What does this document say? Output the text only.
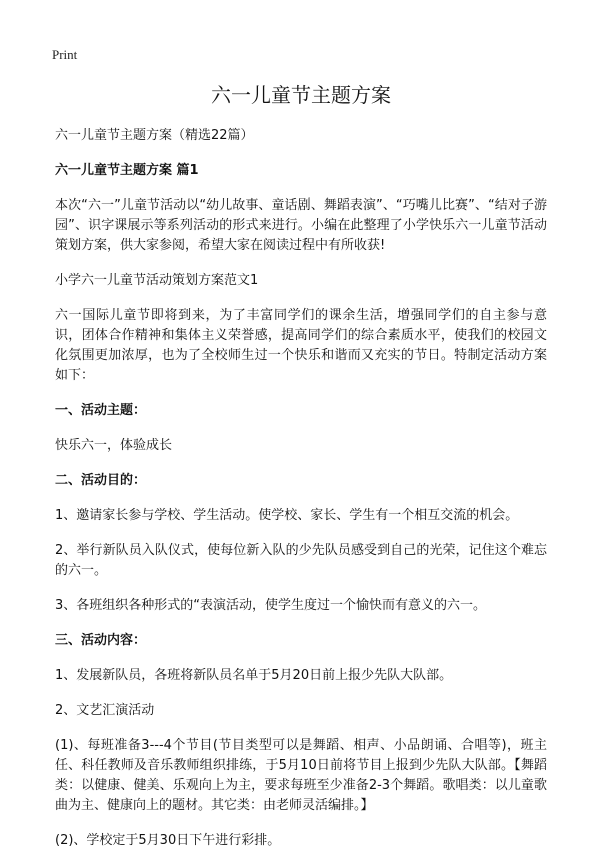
Print
六一儿童节主题方案

六一儿童节主题方案（精选22篇）

六一儿童节主题方案 篇1

本次“六一”儿童节活动以“幼儿故事、童话剧、舞蹈表演”、“巧嘴儿比赛”、“结对子游园”、识字课展示等系列活动的形式来进行。小编在此整理了小学快乐六一儿童节活动策划方案，供大家参阅，希望大家在阅读过程中有所收获!

小学六一儿童节活动策划方案范文1

六一国际儿童节即将到来，为了丰富同学们的课余生活，增强同学们的自主参与意识，团体合作精神和集体主义荣誉感，提高同学们的综合素质水平，使我们的校园文化氛围更加浓厚，也为了全校师生过一个快乐和谐而又充实的节日。特制定活动方案如下：

一、活动主题：

快乐六一，体验成长

二、活动目的：

1、邀请家长参与学校、学生活动。使学校、家长、学生有一个相互交流的机会。

2、举行新队员入队仪式，使每位新入队的少先队员感受到自己的光荣，记住这个难忘的六一。

3、各班组织各种形式的“表演活动，使学生度过一个愉快而有意义的六一。

三、活动内容：

1、发展新队员，各班将新队员名单于5月20日前上报少先队大队部。

2、文艺汇演活动

(1)、每班准备3---4个节目(节目类型可以是舞蹈、相声、小品朗诵、合唱等)，班主任、科任教师及音乐教师组织排练，于5月10日前将节目上报到少先队大队部。【舞蹈类：以健康、健美、乐观向上为主，要求每班至少准备2-3个舞蹈。歌唱类：以儿童歌曲为主、健康向上的题材。其它类：由老师灵活编排。】

(2)、学校定于5月30日下午进行彩排。
